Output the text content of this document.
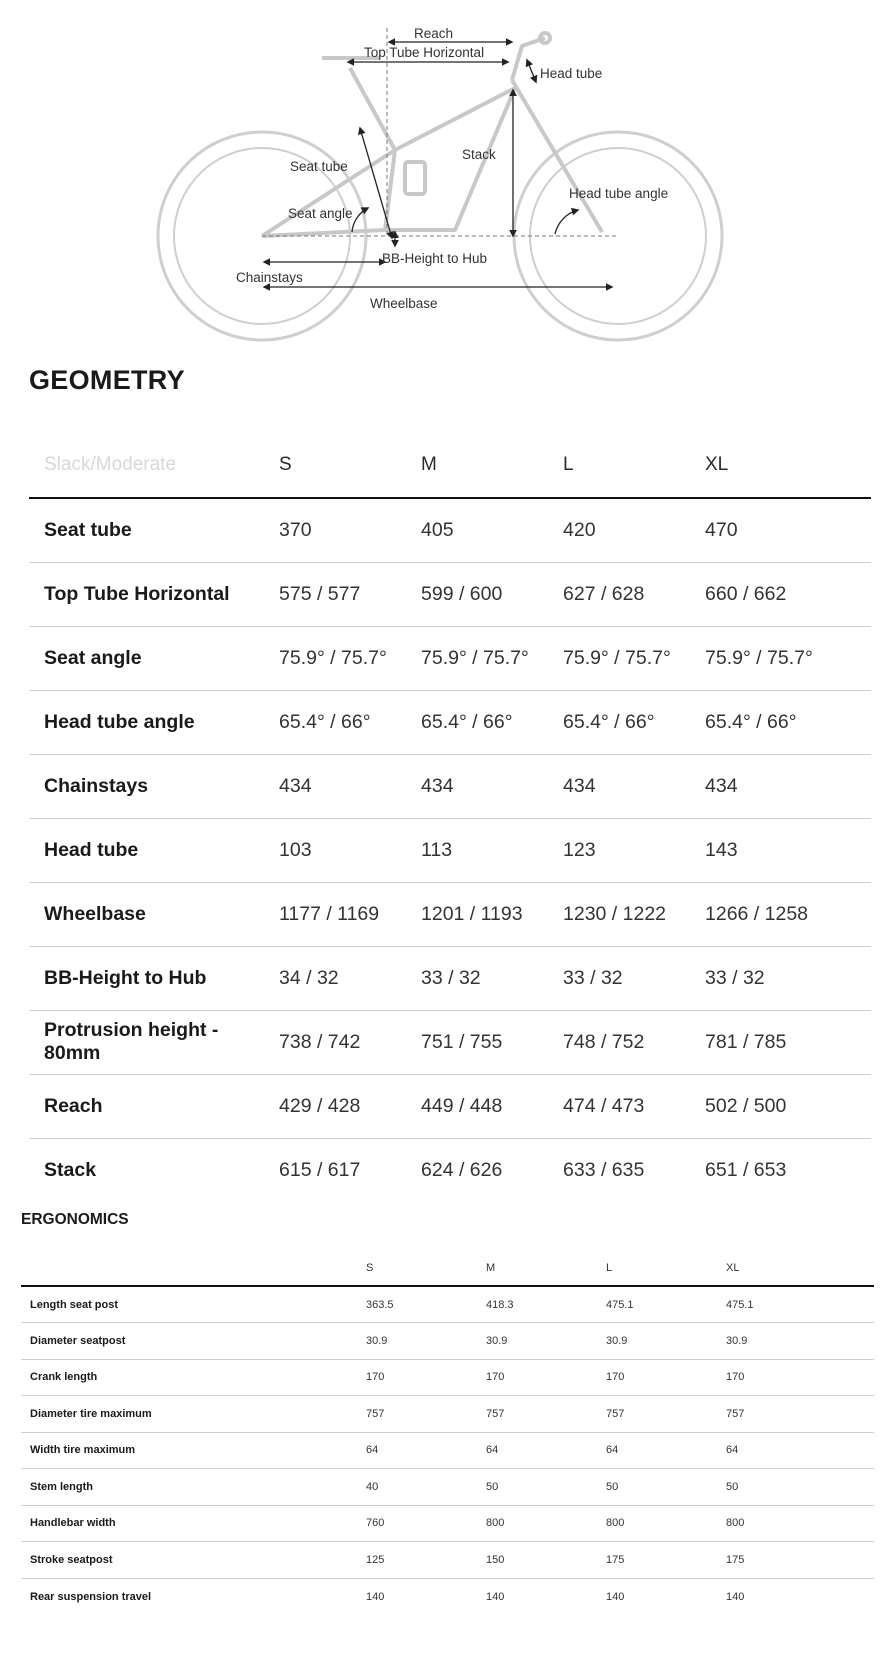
Reach
Top Tube Horizontal
Head tube
Seat tube
Stack
Head tube angle
Seat angle
BB-Height to Hub
Chainstays
Wheelbase
GEOMETRY
Slack/Moderate	S	M	L	XL
Seat tube	370	405	420	470
Top Tube Horizontal	575 / 577	599 / 600	627 / 628	660 / 662
Seat angle	75.9° / 75.7°	75.9° / 75.7°	75.9° / 75.7°	75.9° / 75.7°
Head tube angle	65.4° / 66°	65.4° / 66°	65.4° / 66°	65.4° / 66°
Chainstays	434	434	434	434
Head tube	103	113	123	143
Wheelbase	1177 / 1169	1201 / 1193	1230 / 1222	1266 / 1258
BB-Height to Hub	34 / 32	33 / 32	33 / 32	33 / 32
Protrusion height - 80mm	738 / 742	751 / 755	748 / 752	781 / 785
Reach	429 / 428	449 / 448	474 / 473	502 / 500
Stack	615 / 617	624 / 626	633 / 635	651 / 653
ERGONOMICS
	S	M	L	XL
Length seat post	363.5	418.3	475.1	475.1
Diameter seatpost	30.9	30.9	30.9	30.9
Crank length	170	170	170	170
Diameter tire maximum	757	757	757	757
Width tire maximum	64	64	64	64
Stem length	40	50	50	50
Handlebar width	760	800	800	800
Stroke seatpost	125	150	175	175
Rear suspension travel	140	140	140	140
